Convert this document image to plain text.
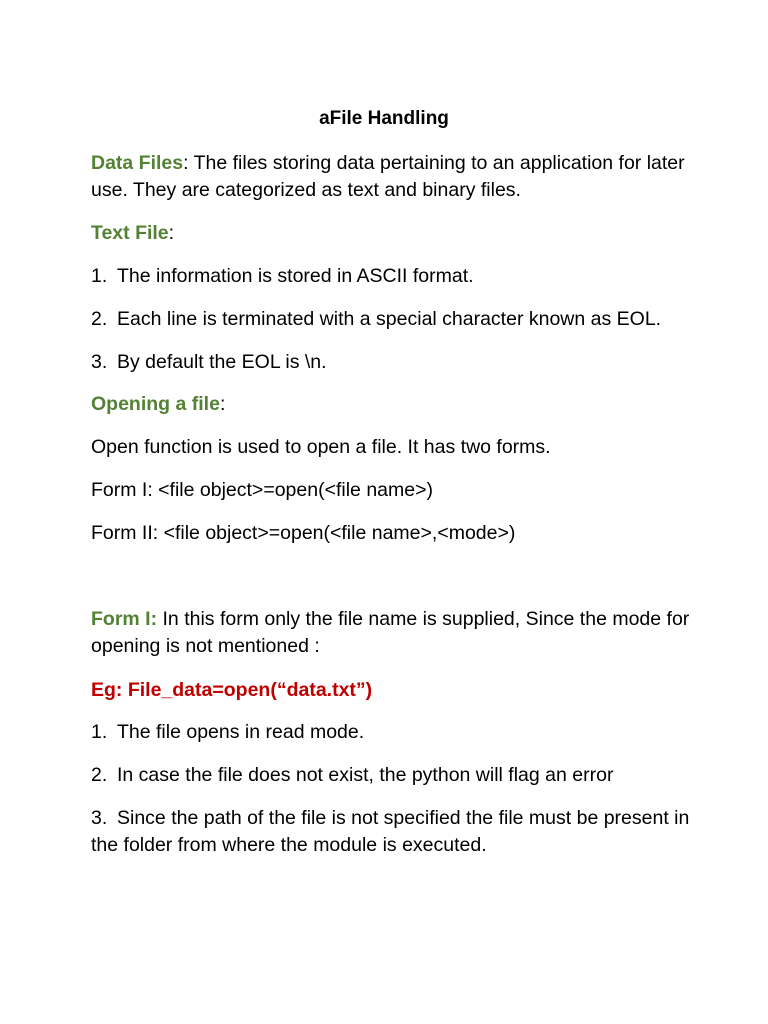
aFile Handling

Data Files: The files storing data pertaining to an application for later use. They are categorized as text and binary files.

Text File:

1. The information is stored in ASCII format.

2. Each line is terminated with a special character known as EOL.

3. By default the EOL is \n.

Opening a file:

Open function is used to open a file. It has two forms.

Form I: <file object>=open(<file name>)

Form II: <file object>=open(<file name>,<mode>)

Form I: In this form only the file name is supplied, Since the mode for opening is not mentioned :

Eg: File_data=open(“data.txt”)

1. The file opens in read mode.

2. In case the file does not exist, the python will flag an error

3. Since the path of the file is not specified the file must be present in the folder from where the module is executed.
